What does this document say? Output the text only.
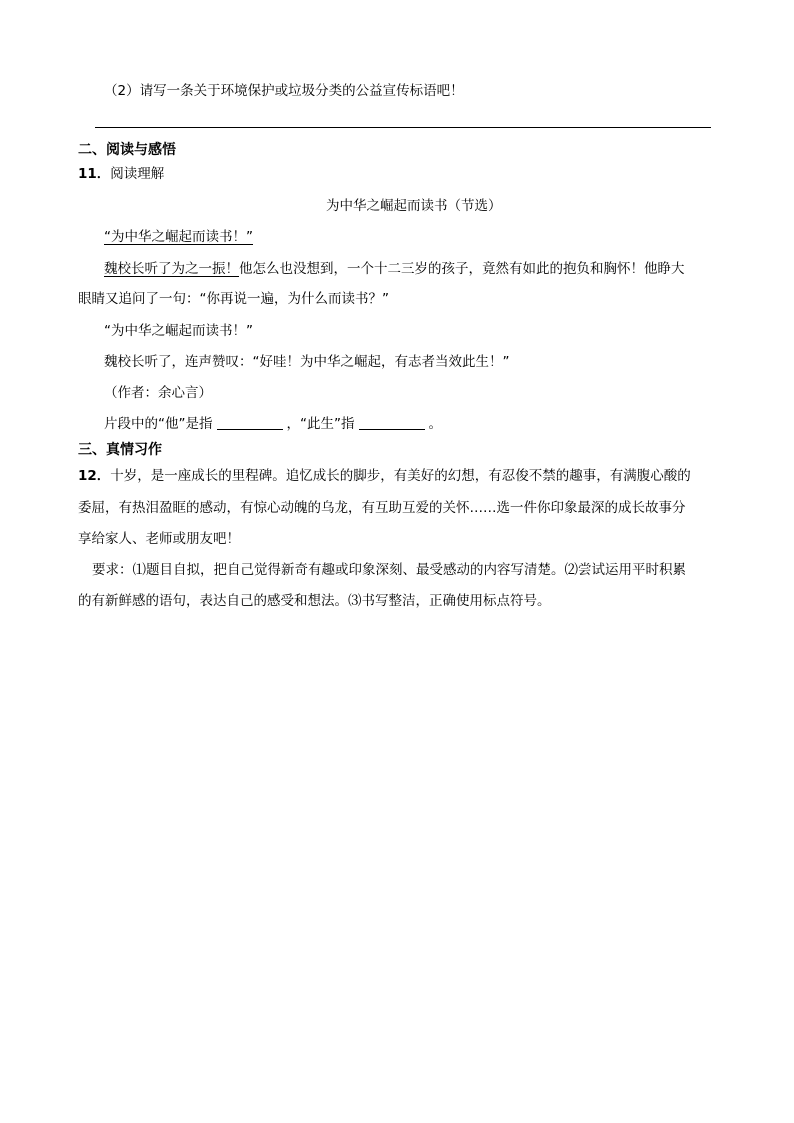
（2）请写一条关于环境保护或垃圾分类的公益宣传标语吧！
二、阅读与感悟
11．阅读理解
为中华之崛起而读书（节选）
“为中华之崛起而读书！”
魏校长听了为之一振！他怎么也没想到，一个十二三岁的孩子，竟然有如此的抱负和胸怀！他睁大
眼睛又追问了一句：“你再说一遍，为什么而读书？”
“为中华之崛起而读书！”
魏校长听了，连声赞叹：“好哇！为中华之崛起，有志者当效此生！”
（作者：余心言）
片段中的“他”是指	，“此生”指	。
三、真情习作
12．十岁，是一座成长的里程碑。追忆成长的脚步，有美好的幻想，有忍俊不禁的趣事，有满腹心酸的
委屈，有热泪盈眶的感动，有惊心动魄的乌龙，有互助互爱的关怀……选一件你印象最深的成长故事分
享给家人、老师或朋友吧！
要求：⑴题目自拟，把自己觉得新奇有趣或印象深刻、最受感动的内容写清楚。⑵尝试运用平时积累
的有新鲜感的语句，表达自己的感受和想法。⑶书写整洁，正确使用标点符号。
